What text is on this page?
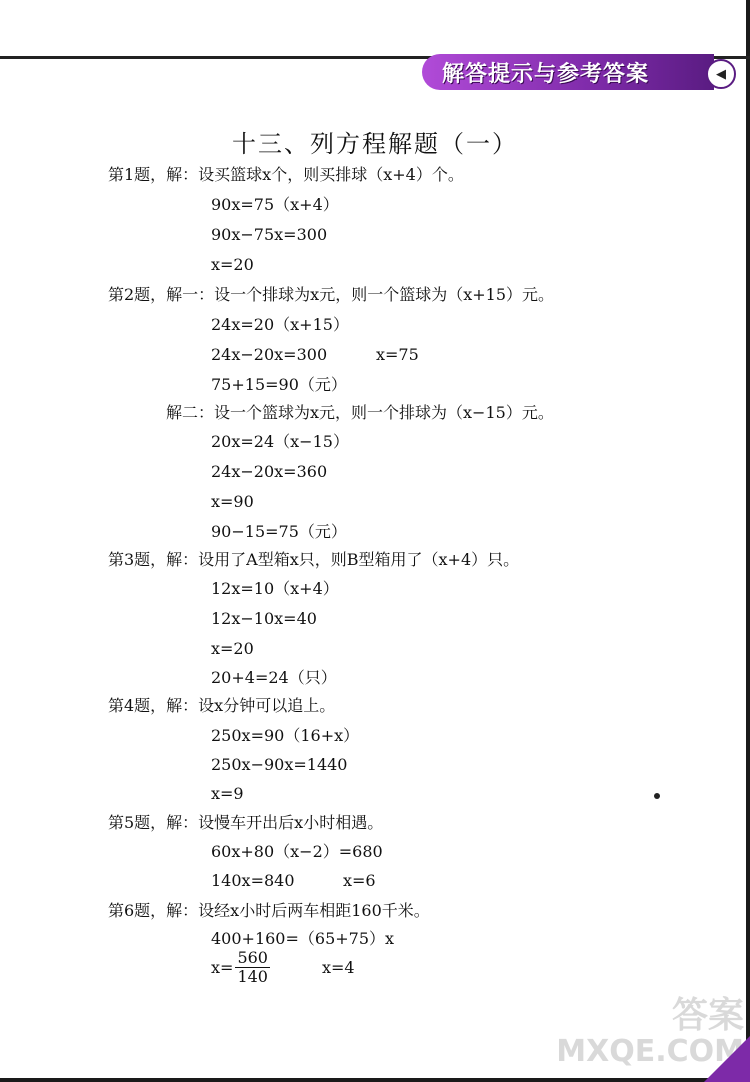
解答提示与参考答案	◀
十三、列方程解题（一）
第1题，解：设买篮球x个，则买排球（x+4）个。
90x=75（x+4）
90x−75x=300
x=20
第2题，解一：设一个排球为x元，则一个篮球为（x+15）元。
24x=20（x+15）
24x−20x=300	x=75
75+15=90（元）
解二：设一个篮球为x元，则一个排球为（x−15）元。
20x=24（x−15）
24x−20x=360
x=90
90−15=75（元）
第3题，解：设用了A型箱x只，则B型箱用了（x+4）只。
12x=10（x+4）
12x−10x=40
x=20
20+4=24（只）
第4题，解：设x分钟可以追上。
250x=90（16+x）
250x−90x=1440
x=9
第5题，解：设慢车开出后x小时相遇。
60x+80（x−2）=680
140x=840	x=6
第6题，解：设经x小时后两车相距160千米。
400+160=（65+75）x
$x= \frac{560}{140}$	x=4
答案
MXQE.COM
